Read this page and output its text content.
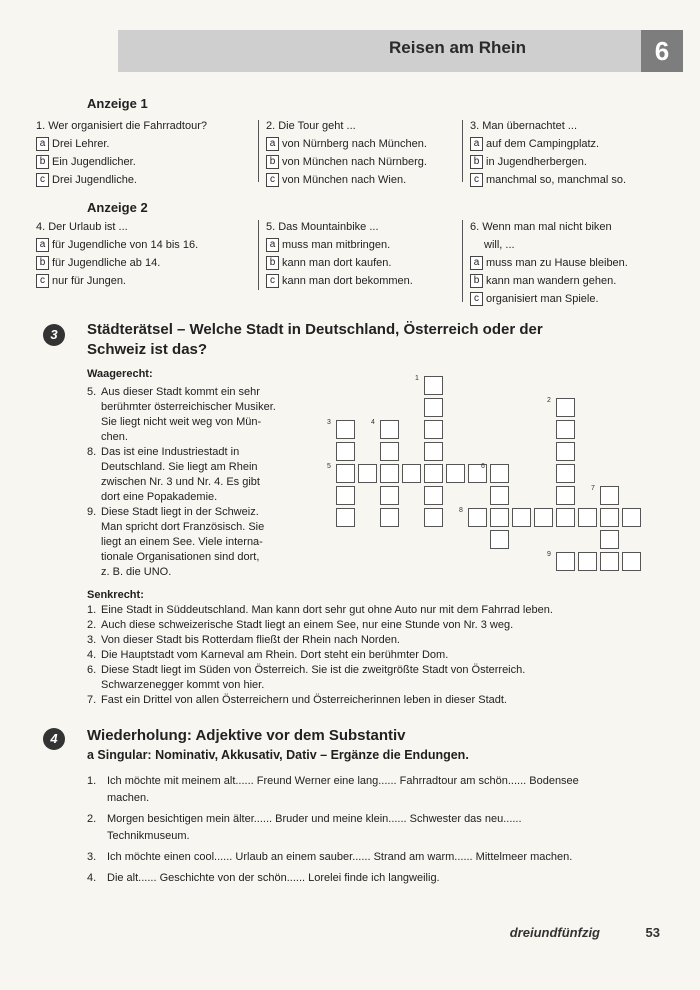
Reisen am Rhein	6
Anzeige 1
1. Wer organisiert die Fahrradtour?
a Drei Lehrer.
b Ein Jugendlicher.
c Drei Jugendliche.
2. Die Tour geht ...
a von Nürnberg nach München.
b von München nach Nürnberg.
c von München nach Wien.
3. Man übernachtet ...
a auf dem Campingplatz.
b in Jugendherbergen.
c manchmal so, manchmal so.
Anzeige 2
4. Der Urlaub ist ...
a für Jugendliche von 14 bis 16.
b für Jugendliche ab 14.
c nur für Jungen.
5. Das Mountainbike ...
a muss man mitbringen.
b kann man dort kaufen.
c kann man dort bekommen.
6. Wenn man mal nicht biken
will, ...
a muss man zu Hause bleiben.
b kann man wandern gehen.
c organisiert man Spiele.
3	Städterätsel – Welche Stadt in Deutschland, Österreich oder der
Schweiz ist das?
Waagerecht:
5. Aus dieser Stadt kommt ein sehr
berühmter österreichischer Musiker.
Sie liegt nicht weit weg von Mün-
chen.
8. Das ist eine Industriestadt in
Deutschland. Sie liegt am Rhein
zwischen Nr. 3 und Nr. 4. Es gibt
dort eine Popakademie.
9. Diese Stadt liegt in der Schweiz.
Man spricht dort Französisch. Sie
liegt an einem See. Viele interna-
tionale Organisationen sind dort,
z. B. die UNO.
1
2
3	4
5	6
7
8
9
Senkrecht:
1. Eine Stadt in Süddeutschland. Man kann dort sehr gut ohne Auto nur mit dem Fahrrad leben.
2. Auch diese schweizerische Stadt liegt an einem See, nur eine Stunde von Nr. 3 weg.
3. Von dieser Stadt bis Rotterdam fließt der Rhein nach Norden.
4. Die Hauptstadt vom Karneval am Rhein. Dort steht ein berühmter Dom.
6. Diese Stadt liegt im Süden von Österreich. Sie ist die zweitgrößte Stadt von Österreich.
Schwarzenegger kommt von hier.
7. Fast ein Drittel von allen Österreichern und Österreicherinnen leben in dieser Stadt.
4	Wiederholung: Adjektive vor dem Substantiv
a Singular: Nominativ, Akkusativ, Dativ – Ergänze die Endungen.
1. Ich möchte mit meinem alt...... Freund Werner eine lang...... Fahrradtour am schön...... Bodensee
machen.
2. Morgen besichtigen mein älter...... Bruder und meine klein...... Schwester das neu......
Technikmuseum.
3. Ich möchte einen cool...... Urlaub an einem sauber...... Strand am warm...... Mittelmeer machen.
4. Die alt...... Geschichte von der schön...... Lorelei finde ich langweilig.
dreiundfünfzig	53
